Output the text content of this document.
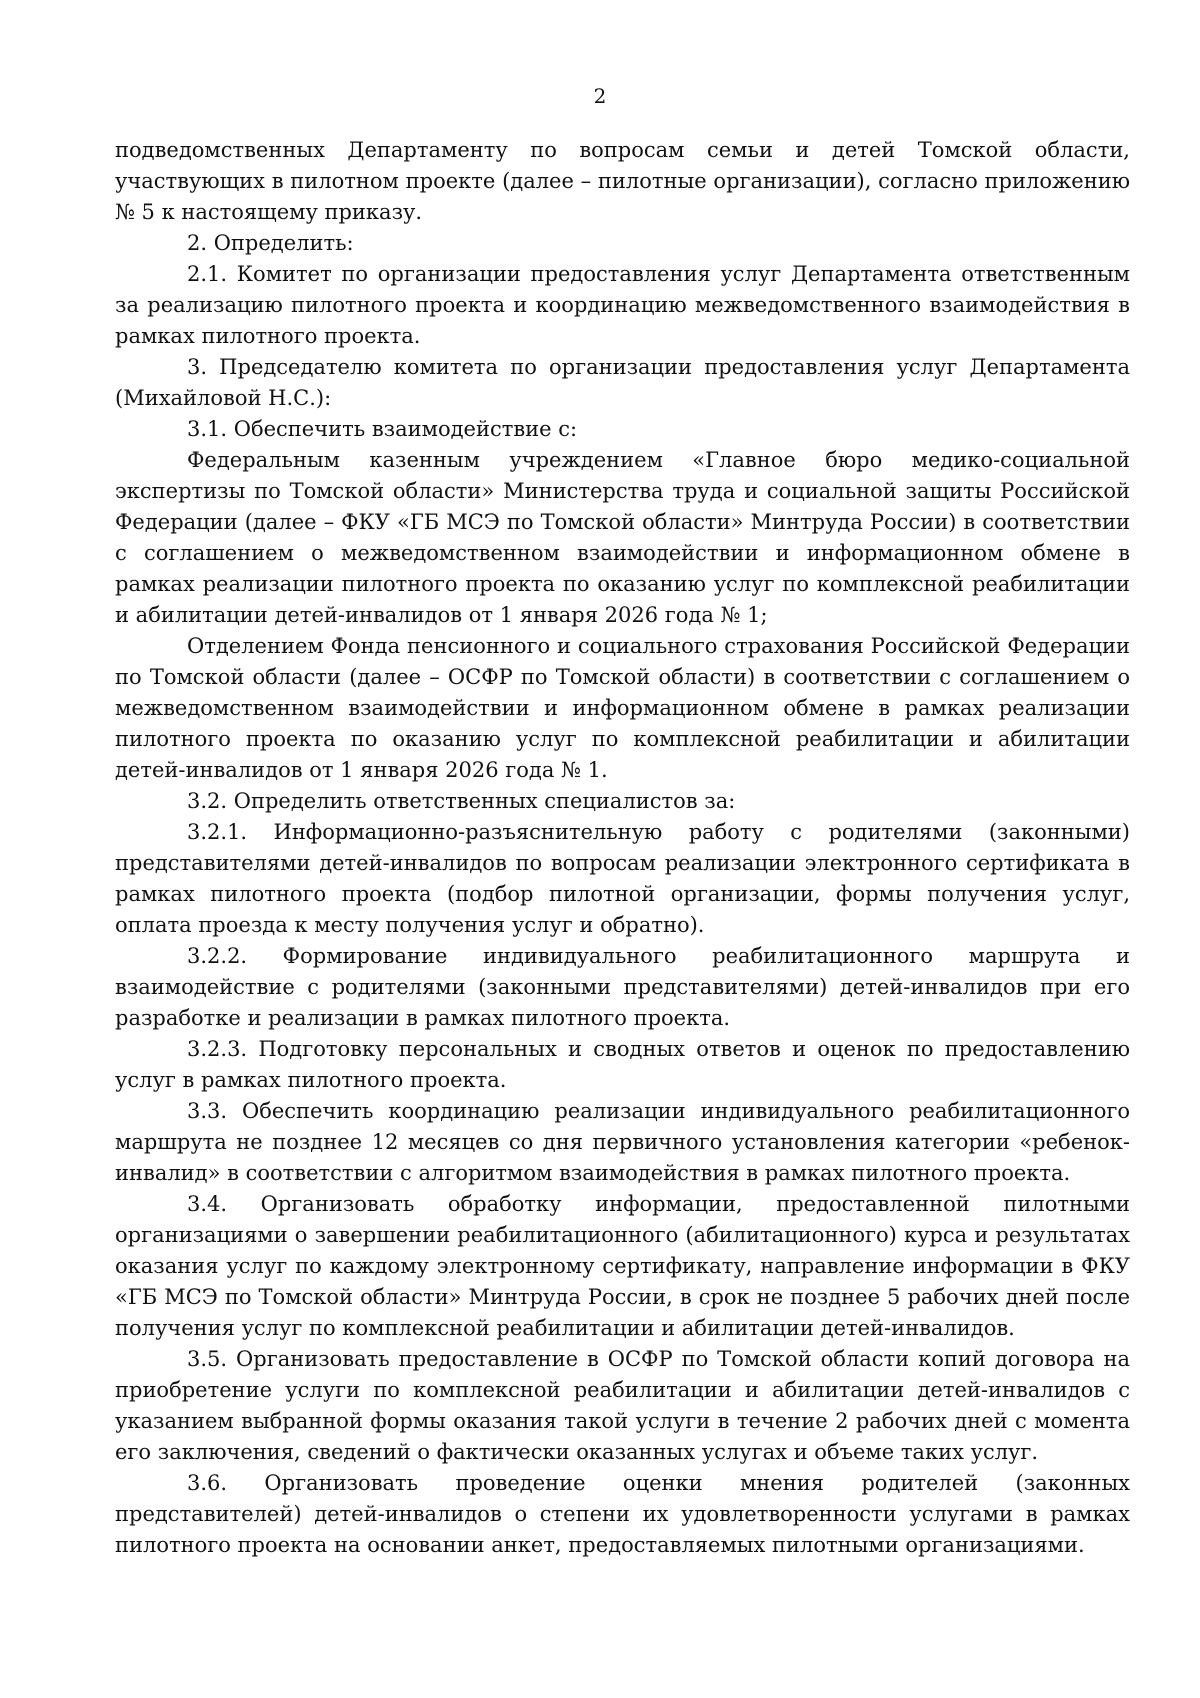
2

подведомственных Департаменту по вопросам семьи и детей Томской области, участвующих в пилотном проекте (далее – пилотные организации), согласно приложению № 5 к настоящему приказу.

2. Определить:

2.1. Комитет по организации предоставления услуг Департамента ответственным за реализацию пилотного проекта и координацию межведомственного взаимодействия в рамках пилотного проекта.

3. Председателю комитета по организации предоставления услуг Департамента (Михайловой Н.С.):

3.1. Обеспечить взаимодействие с:

Федеральным казенным учреждением «Главное бюро медико-социальной экспертизы по Томской области» Министерства труда и социальной защиты Российской Федерации (далее – ФКУ «ГБ МСЭ по Томской области» Минтруда России) в соответствии с соглашением о межведомственном взаимодействии и информационном обмене в рамках реализации пилотного проекта по оказанию услуг по комплексной реабилитации и абилитации детей-инвалидов от 1 января 2026 года № 1;

Отделением Фонда пенсионного и социального страхования Российской Федерации по Томской области (далее – ОСФР по Томской области) в соответствии с соглашением о межведомственном взаимодействии и информационном обмене в рамках реализации пилотного проекта по оказанию услуг по комплексной реабилитации и абилитации детей-инвалидов от 1 января 2026 года № 1.

3.2. Определить ответственных специалистов за:

3.2.1. Информационно-разъяснительную работу с родителями (законными) представителями детей-инвалидов по вопросам реализации электронного сертификата в рамках пилотного проекта (подбор пилотной организации, формы получения услуг, оплата проезда к месту получения услуг и обратно).

3.2.2. Формирование индивидуального реабилитационного маршрута и взаимодействие с родителями (законными представителями) детей-инвалидов при его разработке и реализации в рамках пилотного проекта.

3.2.3. Подготовку персональных и сводных ответов и оценок по предоставлению услуг в рамках пилотного проекта.

3.3. Обеспечить координацию реализации индивидуального реабилитационного маршрута не позднее 12 месяцев со дня первичного установления категории «ребенок-инвалид» в соответствии с алгоритмом взаимодействия в рамках пилотного проекта.

3.4. Организовать обработку информации, предоставленной пилотными организациями о завершении реабилитационного (абилитационного) курса и результатах оказания услуг по каждому электронному сертификату, направление информации в ФКУ «ГБ МСЭ по Томской области» Минтруда России, в срок не позднее 5 рабочих дней после получения услуг по комплексной реабилитации и абилитации детей-инвалидов.

3.5. Организовать предоставление в ОСФР по Томской области копий договора на приобретение услуги по комплексной реабилитации и абилитации детей-инвалидов с указанием выбранной формы оказания такой услуги в течение 2 рабочих дней с момента его заключения, сведений о фактически оказанных услугах и объеме таких услуг.

3.6. Организовать проведение оценки мнения родителей (законных представителей) детей-инвалидов о степени их удовлетворенности услугами в рамках пилотного проекта на основании анкет, предоставляемых пилотными организациями.
